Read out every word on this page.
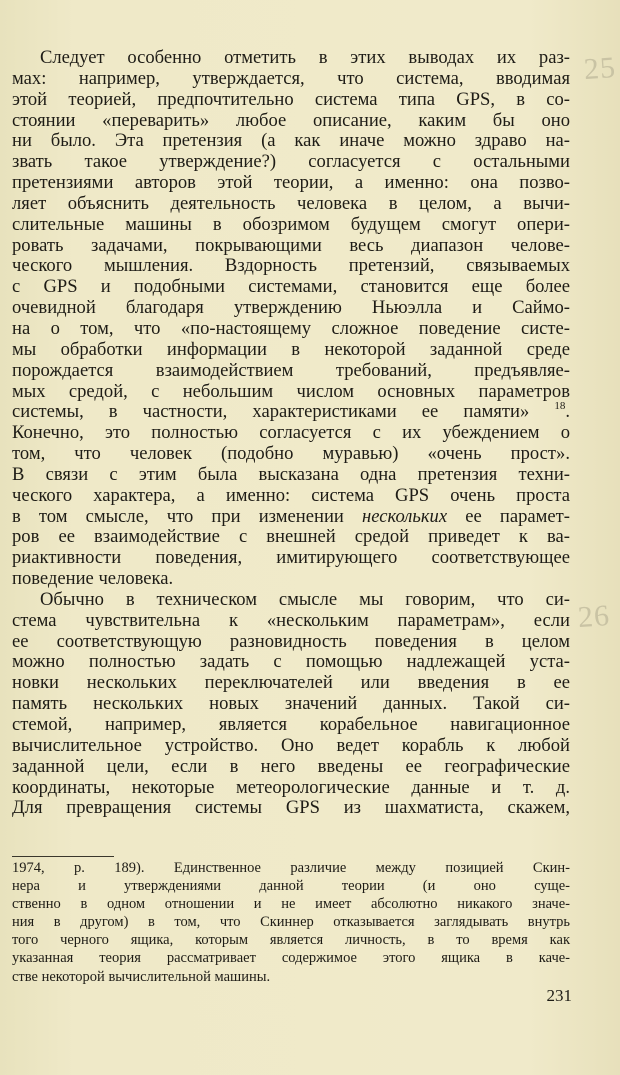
25
26
Следует особенно отметить в этих выводах их раз-
мах: например, утверждается, что система, вводимая
этой теорией, предпочтительно система типа GPS, в со-
стоянии «переварить» любое описание, каким бы оно
ни было. Эта претензия (а как иначе можно здраво на-
звать такое утверждение?) согласуется с остальными
претензиями авторов этой теории, а именно: она позво-
ляет объяснить деятельность человека в целом, а вычи-
слительные машины в обозримом будущем смогут опери-
ровать задачами, покрывающими весь диапазон челове-
ческого мышления. Вздорность претензий, связываемых
с GPS и подобными системами, становится еще более
очевидной благодаря утверждению Ньюэлла и Саймо-
на о том, что «по-настоящему сложное поведение систе-
мы обработки информации в некоторой заданной среде
порождается взаимодействием требований, предъявляе-
мых средой, с небольшим числом основных параметров
системы, в частности, характеристиками ее памяти» $^{18}$.
Конечно, это полностью согласуется с их убеждением о
том, что человек (подобно муравью) «очень прост».
В связи с этим была высказана одна претензия техни-
ческого характера, а именно: система GPS очень проста
в том смысле, что при изменении нескольких ее парамет-
ров ее взаимодействие с внешней средой приведет к ва-
риактивности поведения, имитирующего соответствующее
поведение человека.
Обычно в техническом смысле мы говорим, что си-
стема чувствительна к «нескольким параметрам», если
ее соответствующую разновидность поведения в целом
можно полностью задать с помощью надлежащей уста-
новки нескольких переключателей или введения в ее
память нескольких новых значений данных. Такой си-
стемой, например, является корабельное навигационное
вычислительное устройство. Оно ведет корабль к любой
заданной цели, если в него введены ее географические
координаты, некоторые метеорологические данные и т. д.
Для превращения системы GPS из шахматиста, скажем,
1974, p. 189). Единственное различие между позицией Скин-
нера и утверждениями данной теории (и оно суще-
ственно в одном отношении и не имеет абсолютно никакого значе-
ния в другом) в том, что Скиннер отказывается заглядывать внутрь
того черного ящика, которым является личность, в то время как
указанная теория рассматривает содержимое этого ящика в каче-
стве некоторой вычислительной машины.
231
